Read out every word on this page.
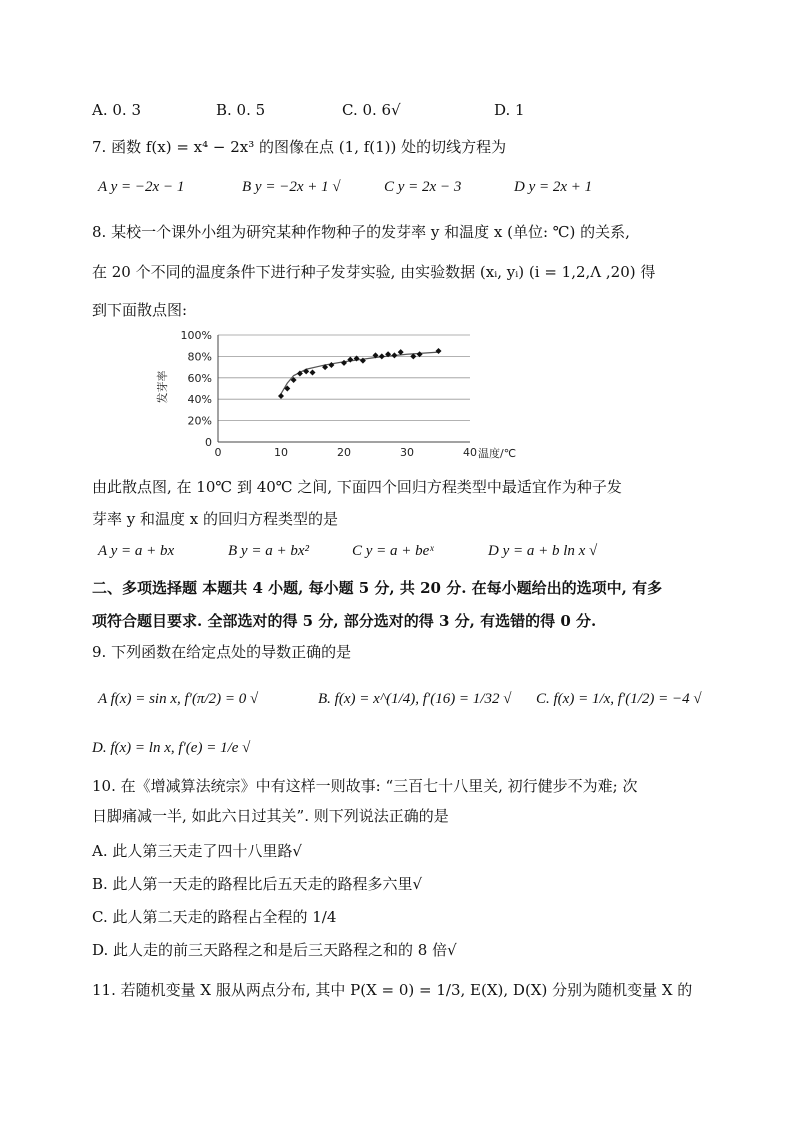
A. 0. 3	B. 0. 5	C. 0. 6√	D. 1
7. 函数 f(x) = x⁴ − 2x³ 的图像在点 (1, f(1)) 处的切线方程为
A y = −2x − 1	B y = −2x + 1 √	C y = 2x − 3	D y = 2x + 1
8. 某校一个课外小组为研究某种作物种子的发芽率 y 和温度 x (单位: ℃) 的关系,
在 20 个不同的温度条件下进行种子发芽实验, 由实验数据 (xᵢ, yᵢ) (i = 1,2,Λ ,20) 得
到下面散点图:
发芽率
0
20%
40%
60%
80%
100%
0	10	20	30	40 温度/℃
由此散点图, 在 10℃ 到 40℃ 之间, 下面四个回归方程类型中最适宜作为种子发
芽率 y 和温度 x 的回归方程类型的是
A y = a + bx	B y = a + bx²	C y = a + beˣ	D y = a + b ln x √
二、多项选择题 本题共 4 小题, 每小题 5 分, 共 20 分. 在每小题给出的选项中, 有多
项符合题目要求. 全部选对的得 5 分, 部分选对的得 3 分, 有选错的得 0 分.
9. 下列函数在给定点处的导数正确的是
A f(x) = sin x, f′(π/2) = 0 √	B. f(x) = x^(1/4), f′(16) = 1/32 √ C. f(x) = 1/x, f′(1/2) = −4 √
D. f(x) = ln x, f′(e) = 1/e √
10. 在《增减算法统宗》中有这样一则故事: “三百七十八里关, 初行健步不为难; 次
日脚痛减一半, 如此六日过其关”. 则下列说法正确的是
A. 此人第三天走了四十八里路√
B. 此人第一天走的路程比后五天走的路程多六里√
C. 此人第二天走的路程占全程的 1/4
D. 此人走的前三天路程之和是后三天路程之和的 8 倍√
11. 若随机变量 X 服从两点分布, 其中 P(X = 0) = 1/3, E(X), D(X) 分别为随机变量 X 的
